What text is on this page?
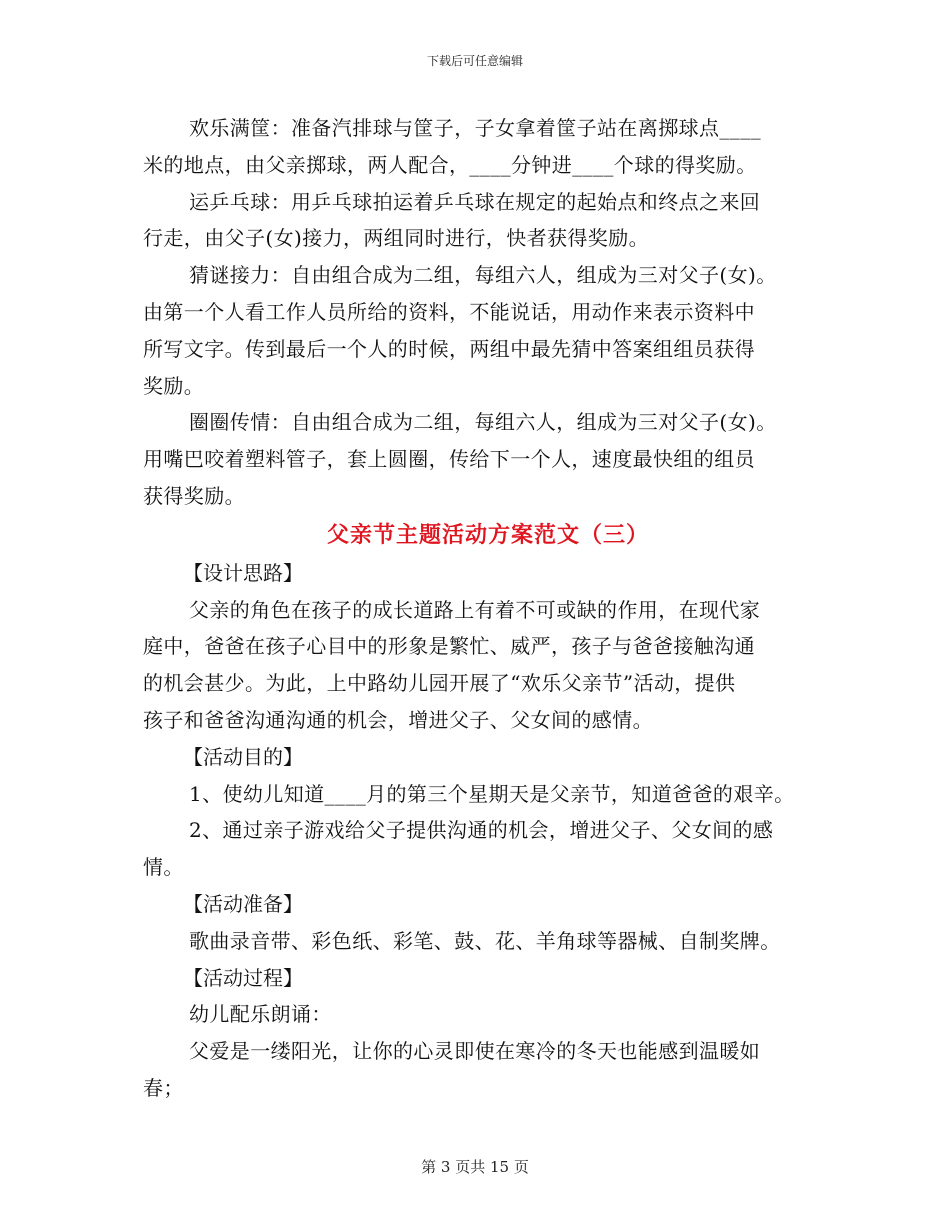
下载后可任意编辑
欢乐满筐：准备汽排球与筐子，子女拿着筐子站在离掷球点____
米的地点，由父亲掷球，两人配合，____分钟进____个球的得奖励。
运乒乓球：用乒乓球拍运着乒乓球在规定的起始点和终点之来回
行走，由父子(女)接力，两组同时进行，快者获得奖励。
猜谜接力：自由组合成为二组，每组六人，组成为三对父子(女)。
由第一个人看工作人员所给的资料，不能说话，用动作来表示资料中
所写文字。传到最后一个人的时候，两组中最先猜中答案组组员获得
奖励。
圈圈传情：自由组合成为二组，每组六人，组成为三对父子(女)。
用嘴巴咬着塑料管子，套上圆圈，传给下一个人，速度最快组的组员
获得奖励。
父亲节主题活动方案范文（三）
【设计思路】
父亲的角色在孩子的成长道路上有着不可或缺的作用，在现代家
庭中，爸爸在孩子心目中的形象是繁忙、威严，孩子与爸爸接触沟通
的机会甚少。为此，上中路幼儿园开展了“欢乐父亲节”活动，提供
孩子和爸爸沟通沟通的机会，增进父子、父女间的感情。
【活动目的】
1、使幼儿知道____月的第三个星期天是父亲节，知道爸爸的艰辛。
2、通过亲子游戏给父子提供沟通的机会，增进父子、父女间的感
情。
【活动准备】
歌曲录音带、彩色纸、彩笔、鼓、花、羊角球等器械、自制奖牌。
【活动过程】
幼儿配乐朗诵：
父爱是一缕阳光，让你的心灵即使在寒冷的冬天也能感到温暖如
春；
第 3 页共 15 页
